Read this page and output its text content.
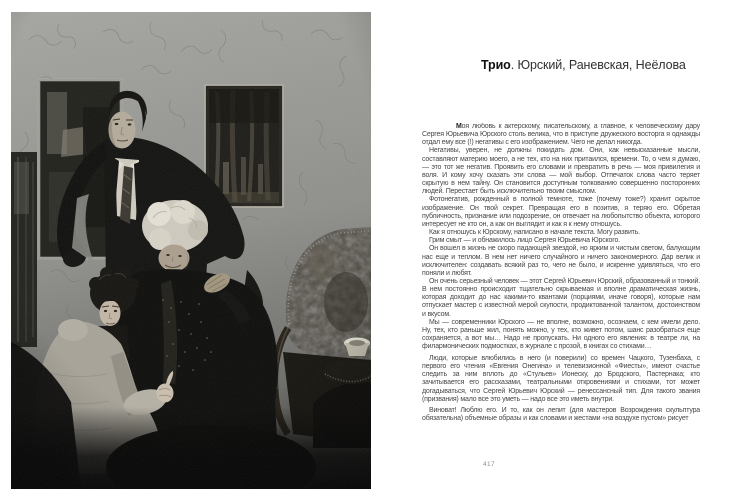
Трио. Юрский, Раневская, Неёлова

Моя любовь к актерскому, писательскому, а главное, к человеческому дару Сергея Юрьевича Юрского столь велика, что в приступе дружеского восторга я однажды отдал ему все (!) негативы с его изображением. Чего не делал никогда.

Негативы, уверен, не должны покидать дом. Они, как невысказанные мысли, составляют материю моего, а не тех, кто на них притаился, времени. То, о чем я думаю, — это тот же негатив. Проявить его словами и превратить в речь — моя привилегия и воля. И кому хочу сказать эти слова — мой выбор. Отпечаток слова часто теряет скрытую в нем тайну. Он становится доступным толкованию совершенно посторонних людей. Перестает быть исключительно твоим смыслом.

Фотонегатив, рожденный в полной темноте, тоже (почему тоже?) хранит скрытое изображение. Он твой секрет. Превращая его в позитив, я теряю его. Обретая публичность, признание или подозрение, он отвечает на любопытство объекта, которого интересует не кто он, а как он выглядит и как я к нему отношусь.

Как я отношусь к Юрскому, написано в начале текста. Могу развить.

Грим смыт — и обнажилось лицо Сергея Юрьевича Юрского.

Он вошел в жизнь не скоро падающей звездой, но ярким и чистым светом, балующим нас еще и теплом. В нем нет ничего случайного и ничего закономерного. Дар велик и исключителен: создавать всякий раз то, чего не было, и искренне удивляться, что его поняли и любят.

Он очень серьезный человек — этот Сергей Юрьевич Юрский, образованный и тонкий. В нем постоянно происходит тщательно скрываемая и вполне драматическая жизнь, которая доходит до нас какими-то квантами (порциями, иначе говоря), которые нам отпускает мастер с известной мерой скупости, продиктованной талантом, достоинством и вкусом.

Мы — современники Юрского — не вполне, возможно, осознаем, с кем имели дело. Ну, тех, кто раньше жил, понять можно, у тех, кто живет потом, шанс разобраться еще сохраняется, а вот мы… Надо не пропускать. Ни одного его явления: в театре ли, на филармонических подмостках, в журнале с прозой, в книгах со стихами…

Люди, которые влюбились в него (и поверили) со времен Чацкого, Тузенбаха, с первого его чтения «Евгения Онегина» и телевизионной «Фиесты», имеют счастье следить за ним вплоть до «Стульев» Ионеску, до Бродского, Пастернака; кто зачитывается его рассказами, театральными откровениями и стихами, тот может догадываться, что Сергей Юрьевич Юрский — ренессансный тип. Для такого звания (призвания) мало все это уметь — надо все это иметь внутри.

Виноват! Люблю его. И то, как он лепит (для мастеров Возрождения скульптура обязательна) объемные образы и как словами и жестами «на воздухе пустом» рисует

417
